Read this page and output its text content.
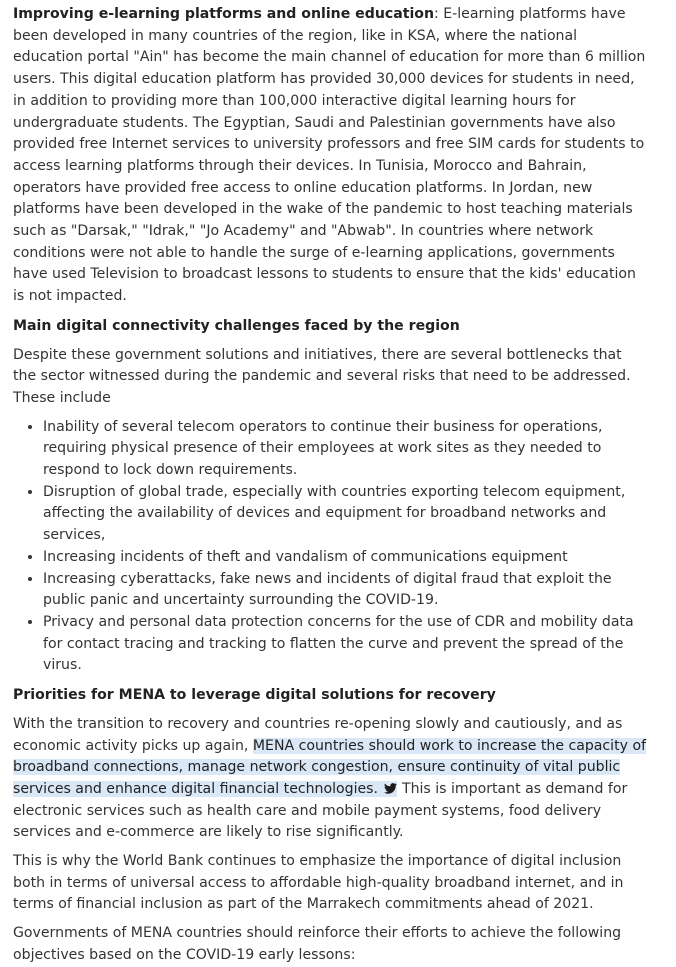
Improving e-learning platforms and online education: E-learning platforms have been developed in many countries of the region, like in KSA, where the national education portal "Ain" has become the main channel of education for more than 6 million users. This digital education platform has provided 30,000 devices for students in need, in addition to providing more than 100,000 interactive digital learning hours for undergraduate students. The Egyptian, Saudi and Palestinian governments have also provided free Internet services to university professors and free SIM cards for students to access learning platforms through their devices. In Tunisia, Morocco and Bahrain, operators have provided free access to online education platforms. In Jordan, new platforms have been developed in the wake of the pandemic to host teaching materials such as "Darsak," "Idrak," "Jo Academy" and "Abwab". In countries where network conditions were not able to handle the surge of e-learning applications, governments have used Television to broadcast lessons to students to ensure that the kids' education is not impacted.

Main digital connectivity challenges faced by the region

Despite these government solutions and initiatives, there are several bottlenecks that the sector witnessed during the pandemic and several risks that need to be addressed. These include

• Inability of several telecom operators to continue their business for operations, requiring physical presence of their employees at work sites as they needed to respond to lock down requirements.
• Disruption of global trade, especially with countries exporting telecom equipment, affecting the availability of devices and equipment for broadband networks and services,
• Increasing incidents of theft and vandalism of communications equipment
• Increasing cyberattacks, fake news and incidents of digital fraud that exploit the public panic and uncertainty surrounding the COVID-19.
• Privacy and personal data protection concerns for the use of CDR and mobility data for contact tracing and tracking to flatten the curve and prevent the spread of the virus.
Priorities for MENA to leverage digital solutions for recovery

With the transition to recovery and countries re-opening slowly and cautiously, and as economic activity picks up again, MENA countries should work to increase the capacity of broadband connections, manage network congestion, ensure continuity of vital public services and enhance digital financial technologies.  This is important as demand for electronic services such as health care and mobile payment systems, food delivery services and e-commerce are likely to rise significantly.

This is why the World Bank continues to emphasize the importance of digital inclusion both in terms of universal access to affordable high-quality broadband internet, and in terms of financial inclusion as part of the Marrakech commitments ahead of 2021.

Governments of MENA countries should reinforce their efforts to achieve the following objectives based on the COVID-19 early lessons:
